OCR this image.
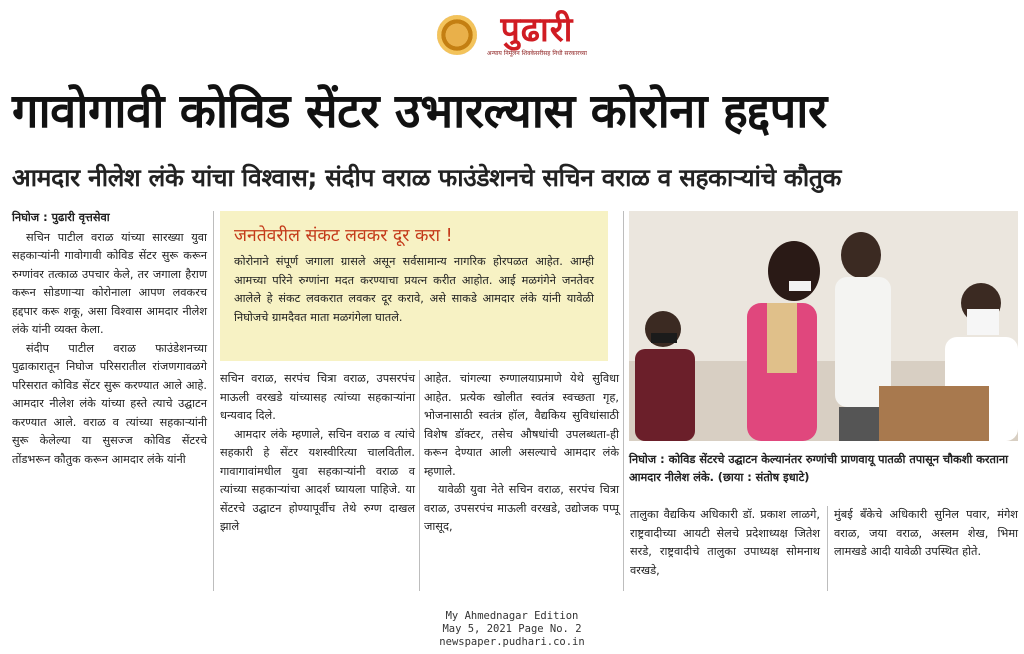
पुढारी
अन्याय निर्मूलन शिवकेसरीसह निधी सरकारच्या
गावोगावी कोविड सेंटर उभारल्यास कोरोना हद्दपार
आमदार नीलेश लंके यांचा विश्वास; संदीप वराळ फाउंडेशनचे सचिन वराळ व सहकाऱ्यांचे कौतुक

निघोज : पुढारी वृत्तसेवा

सचिन पाटील वराळ यांच्या सारख्या युवा सहकाऱ्यांनी गावोगावी कोविड सेंटर सुरू करून रुग्णांवर तत्काळ उपचार केले, तर जगाला हैराण करून सोडणाऱ्या कोरोनाला आपण लवकरच हद्दपार करू शकू, असा विश्वास आमदार नीलेश लंके यांनी व्यक्त केला.

संदीप पाटील वराळ फाउंडेशनच्या पुढाकारातून निघोज परिसरातील रांजणगावळगे परिसरात कोविड सेंटर सुरू करण्यात आले आहे. आमदार नीलेश लंके यांच्या हस्ते त्याचे उद्घाटन करण्यात आले. वराळ व त्यांच्या सहकाऱ्यांनी सुरू केलेल्या या सुसज्ज कोविड सेंटरचे तोंडभरून कौतुक करून आमदार लंके यांनी

जनतेवरील संकट लवकर दूर करा !
कोरोनाने संपूर्ण जगाला ग्रासले असून सर्वसामान्य नागरिक होरपळत आहेत. आम्ही आमच्या परिने रुग्णांना मदत करण्याचा प्रयत्न करीत आहोत. आई मळगंगेने जनतेवर आलेले हे संकट लवकरात लवकर दूर करावे, असे साकडे आमदार लंके यांनी यावेळी निघोजचे ग्रामदैवत माता मळगंगेला घातले.

सचिन वराळ, सरपंच चित्रा वराळ, उपसरपंच माऊली वरखडे यांच्यासह त्यांच्या सहकाऱ्यांना धन्यवाद दिले.

आमदार लंके म्हणाले, सचिन वराळ व त्यांचे सहकारी हे सेंटर यशस्वीरित्या चालवितील. गावागावांमधील युवा सहकाऱ्यांनी वराळ व त्यांच्या सहकाऱ्यांचा आदर्श घ्यायला पाहिजे. या सेंटरचे उद्घाटन होण्यापूर्वीच तेथे रुग्ण दाखल झाले

आहेत. चांगल्या रुग्णालयाप्रमाणे येथे सुविधा आहेत. प्रत्येक खोलीत स्वतंत्र स्वच्छता गृह, भोजनासाठी स्वतंत्र हॉल, वैद्यकिय सुविधांसाठी विशेष डॉक्टर, तसेच औषधांची उपलब्धता-ही करून देण्यात आली असल्याचे आमदार लंके म्हणाले.

यावेळी युवा नेते सचिन वराळ, सरपंच चित्रा वराळ, उपसरपंच माऊली वरखडे, उद्योजक पप्पू जासूद,

निघोज : कोविड सेंटरचे उद्घाटन केल्यानंतर रुग्णांची प्राणवायू पातळी तपासून चौकशी करताना आमदार नीलेश लंके. (छाया : संतोष इधाटे)

तालुका वैद्यकिय अधिकारी डॉ. प्रकाश लाळगे, राष्ट्रवादीच्या आयटी सेलचे प्रदेशाध्यक्ष जितेश सरडे, राष्ट्रवादीचे तालुका उपाध्यक्ष सोमनाथ वरखडे,

मुंबई बँकेचे अधिकारी सुनिल पवार, मंगेश वराळ, जया वराळ, अस्लम शेख, भिमा लामखडे आदी यावेळी उपस्थित होते.

My Ahmednagar Edition
May 5, 2021 Page No. 2
newspaper.pudhari.co.in
